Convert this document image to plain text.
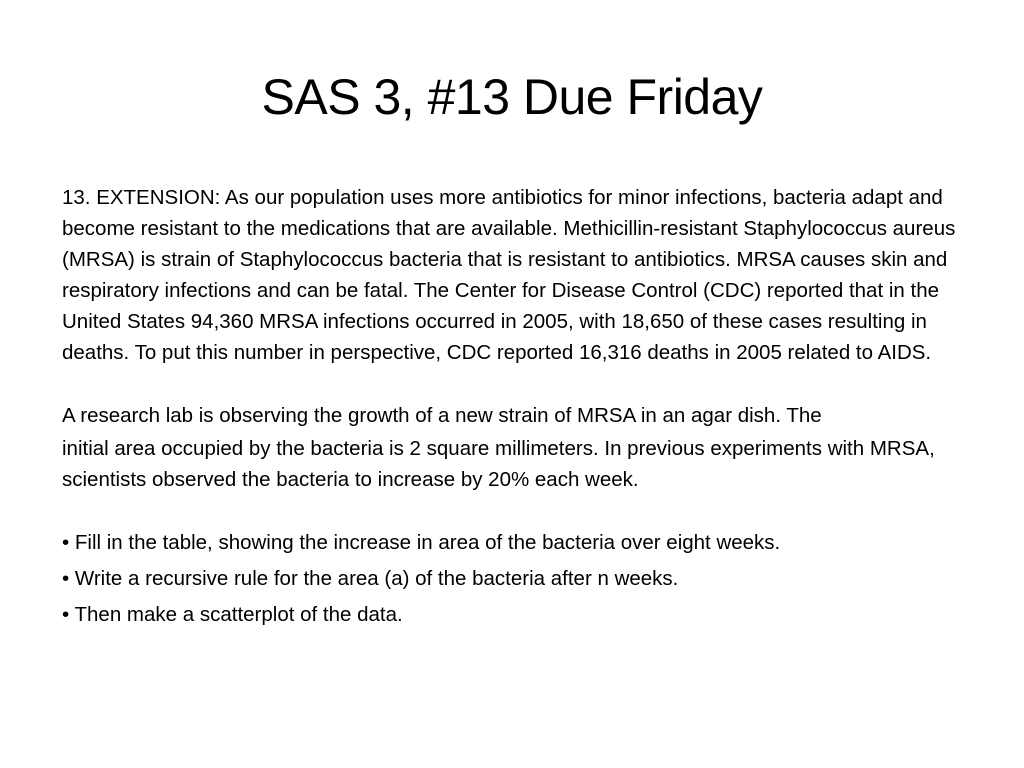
SAS 3, #13 Due Friday

13. EXTENSION: As our population uses more antibiotics for minor infections, bacteria adapt and become resistant to the medications that are available. Methicillin-resistant Staphylococcus aureus (MRSA) is strain of Staphylococcus bacteria that is resistant to antibiotics. MRSA causes skin and respiratory infections and can be fatal. The Center for Disease Control (CDC) reported that in the United States 94,360 MRSA infections occurred in 2005, with 18,650 of these cases resulting in deaths. To put this number in perspective, CDC reported 16,316 deaths in 2005 related to AIDS.

A research lab is observing the growth of a new strain of MRSA in an agar dish. The

initial area occupied by the bacteria is 2 square millimeters. In previous experiments with MRSA, scientists observed the bacteria to increase by 20% each week.

• Fill in the table, showing the increase in area of the bacteria over eight weeks.

• Write a recursive rule for the area (a) of the bacteria after n weeks.

• Then make a scatterplot of the data.
